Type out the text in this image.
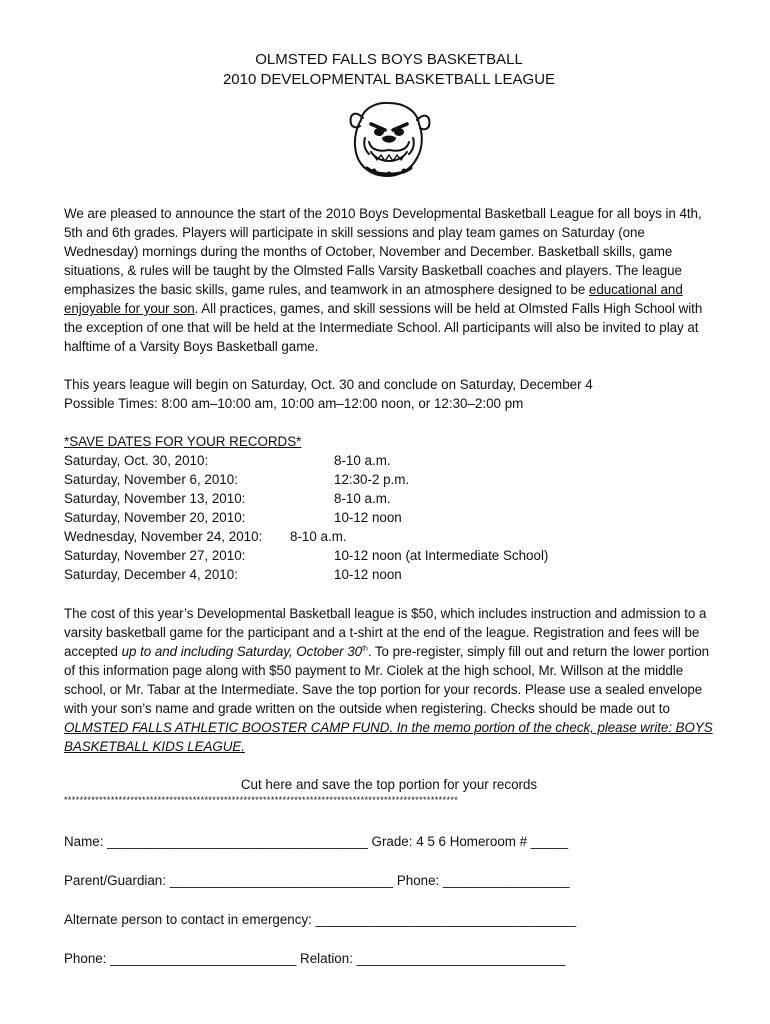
OLMSTED FALLS BOYS BASKETBALL
2010 DEVELOPMENTAL BASKETBALL LEAGUE
We are pleased to announce the start of the 2010 Boys Developmental Basketball League for all boys in 4th, 5th and 6th grades. Players will participate in skill sessions and play team games on Saturday (one Wednesday) mornings during the months of October, November and December. Basketball skills, game situations, & rules will be taught by the Olmsted Falls Varsity Basketball coaches and players. The league emphasizes the basic skills, game rules, and teamwork in an atmosphere designed to be educational and enjoyable for your son. All practices, games, and skill sessions will be held at Olmsted Falls High School with the exception of one that will be held at the Intermediate School. All participants will also be invited to play at halftime of a Varsity Boys Basketball game.
This years league will begin on Saturday, Oct. 30 and conclude on Saturday, December 4
Possible Times: 8:00 am–10:00 am, 10:00 am–12:00 noon, or 12:30–2:00 pm
*SAVE DATES FOR YOUR RECORDS*
Saturday, Oct. 30, 2010:	8-10 a.m.
Saturday, November 6, 2010:	12:30-2 p.m.
Saturday, November 13, 2010:	8-10 a.m.
Saturday, November 20, 2010:	10-12 noon
Wednesday, November 24, 2010: 8-10 a.m.
Saturday, November 27, 2010:	10-12 noon (at Intermediate School)
Saturday, December 4, 2010:	10-12 noon
The cost of this year’s Developmental Basketball league is $50, which includes instruction and admission to a varsity basketball game for the participant and a t-shirt at the end of the league. Registration and fees will be accepted up to and including Saturday, October 30th. To pre-register, simply fill out and return the lower portion of this information page along with $50 payment to Mr. Ciolek at the high school, Mr. Willson at the middle school, or Mr. Tabar at the Intermediate. Save the top portion for your records. Please use a sealed envelope with your son’s name and grade written on the outside when registering. Checks should be made out to OLMSTED FALLS ATHLETIC BOOSTER CAMP FUND. In the memo portion of the check, please write: BOYS BASKETBALL KIDS LEAGUE.
Cut here and save the top portion for your records
*****************************************************************************************************
Name: ___________________________________ Grade: 4 5 6 Homeroom # _____
Parent/Guardian: ______________________________ Phone: _________________
Alternate person to contact in emergency: ___________________________________
Phone: _________________________ Relation: ____________________________
